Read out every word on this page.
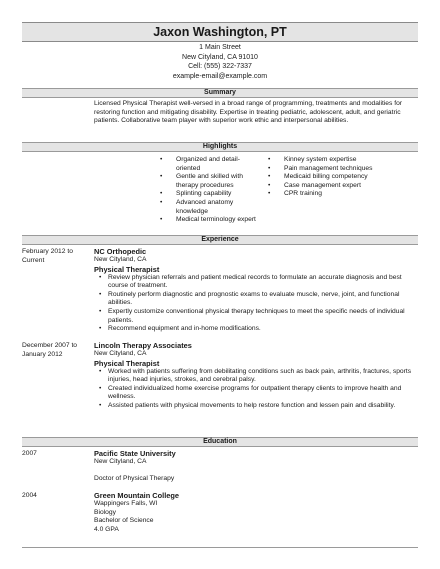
Jaxon Washington, PT
1 Main Street
New Cityland, CA 91010
Cell: (555) 322-7337
example-email@example.com
Summary
Licensed Physical Therapist well-versed in a broad range of programming, treatments and modalities for restoring function and mitigating disability. Expertise in treating pediatric, adolescent, adult, and geriatric patients. Collaborative team player with superior work ethic and interpersonal abilities.
Highlights
• Organized and detail-oriented
• Gentle and skilled with therapy procedures
• Splinting capability
• Advanced anatomy knowledge
• Medical terminology expert
• Kinney system expertise
• Pain management techniques
• Medicaid billing competency
• Case management expert
• CPR training
Experience
February 2012 to Current
NC Orthopedic
New Cityland, CA
Physical Therapist
• Review physician referrals and patient medical records to formulate an accurate diagnosis and best course of treatment.
• Routinely perform diagnostic and prognostic exams to evaluate muscle, nerve, joint, and functional abilities.
• Expertly customize conventional physical therapy techniques to meet the specific needs of individual patients.
• Recommend equipment and in-home modifications.
December 2007 to January 2012
Lincoln Therapy Associates
New Cityland, CA
Physical Therapist
• Worked with patients suffering from debilitating conditions such as back pain, arthritis, fractures, sports injuries, head injuries, strokes, and cerebral palsy.
• Created individualized home exercise programs for outpatient therapy clients to improve health and wellness.
• Assisted patients with physical movements to help restore function and lessen pain and disability.
Education
2007	Pacific State University
New Cityland, CA
Doctor of Physical Therapy
2004	Green Mountain College
Wappingers Falls, WI
Biology
Bachelor of Science
4.0 GPA
